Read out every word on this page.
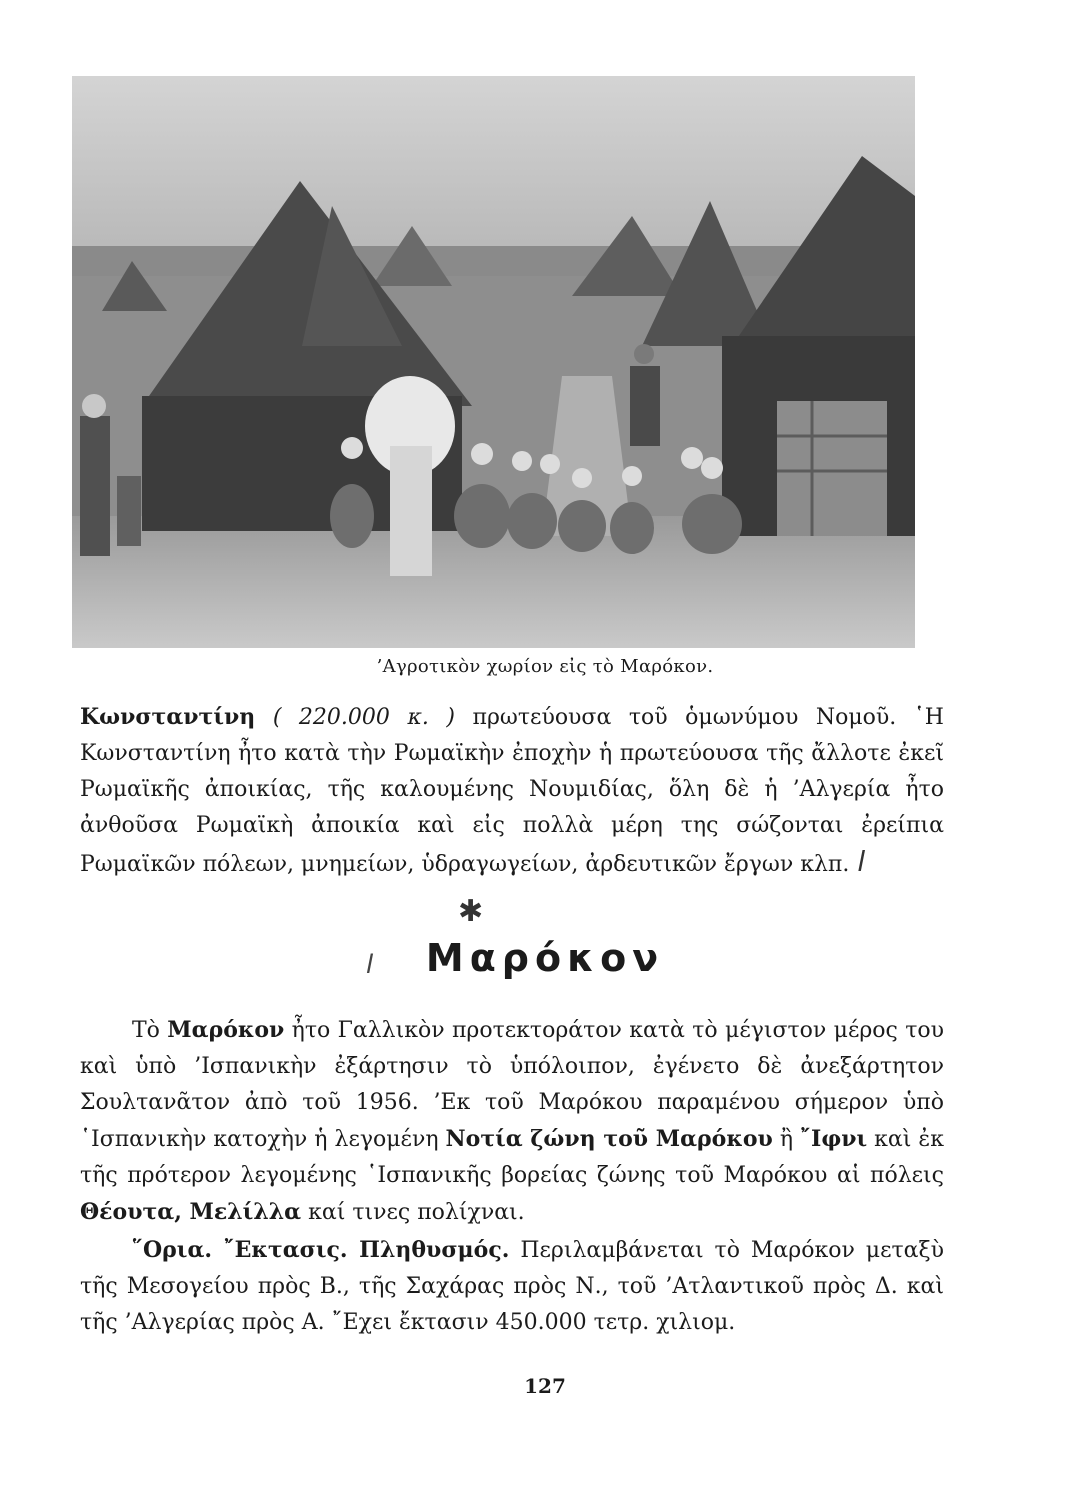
’Αγροτικὸν χωρίον εἰς τὸ Μαρόκον.
Κωνσταντίνη ( 220.000 κ. ) πρωτεύουσα τοῦ ὁμωνύμου Νομοῦ. ῾Η Κωνσταντίνη ἦτο κατὰ τὴν Ρωμαϊκὴν ἐποχὴν ἡ πρωτεύουσα τῆς ἄλλοτε ἐκεῖ Ρωμαϊκῆς ἀποικίας, τῆς καλουμένης Νουμιδίας, ὅλη δὲ ἡ ’Αλγερία ἦτο ἀνθοῦσα Ρωμαϊκὴ ἀποικία καὶ εἰς πολλὰ μέρη της σώζονται ἐρείπια Ρωμαϊκῶν πόλεων, μνημείων, ὑδραγωγείων, ἀρδευτικῶν ἔργων κλπ. l
✱
l	Μαρόκον
Τὸ Μαρόκον ἦτο Γαλλικὸν προτεκτοράτον κατὰ τὸ μέγιστον μέρος του καὶ ὑπὸ ’Ισπανικὴν ἐξάρτησιν τὸ ὑπόλοιπον, ἐγένετο δὲ ἀνεξάρτητον Σουλτανᾶτον ἀπὸ τοῦ 1956. ’Εκ τοῦ Μαρόκου παραμένου σήμερον ὑπὸ ῾Ισπανικὴν κατοχὴν ἡ λεγομένη Νοτία ζώνη τοῦ Μαρόκου ἢ ῎Ιφνι καὶ ἐκ τῆς πρότερον λεγομένης ῾Ισπανικῆς βορείας ζώνης τοῦ Μαρόκου αἱ πόλεις Θέουτα, Μελίλλα καί τινες πολίχναι.
῞Ορια. ῎Εκτασις. Πληθυσμός. Περιλαμβάνεται τὸ Μαρόκον μεταξὺ τῆς Μεσογείου πρὸς Β., τῆς Σαχάρας πρὸς Ν., τοῦ ’Ατλαντικοῦ πρὸς Δ. καὶ τῆς ’Αλγερίας πρὸς Α. ῎Εχει ἔκτασιν 450.000 τετρ. χιλιομ.
127
